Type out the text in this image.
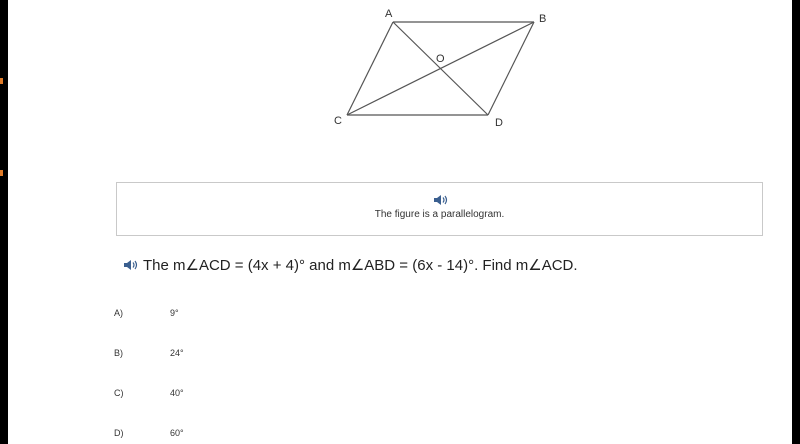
A	B
C	D
O
The figure is a parallelogram.
The m∠ACD = (4x + 4)° and m∠ABD = (6x - 14)°. Find m∠ACD.
A)	9°
B)	24°
C)	40°
D)	60°
